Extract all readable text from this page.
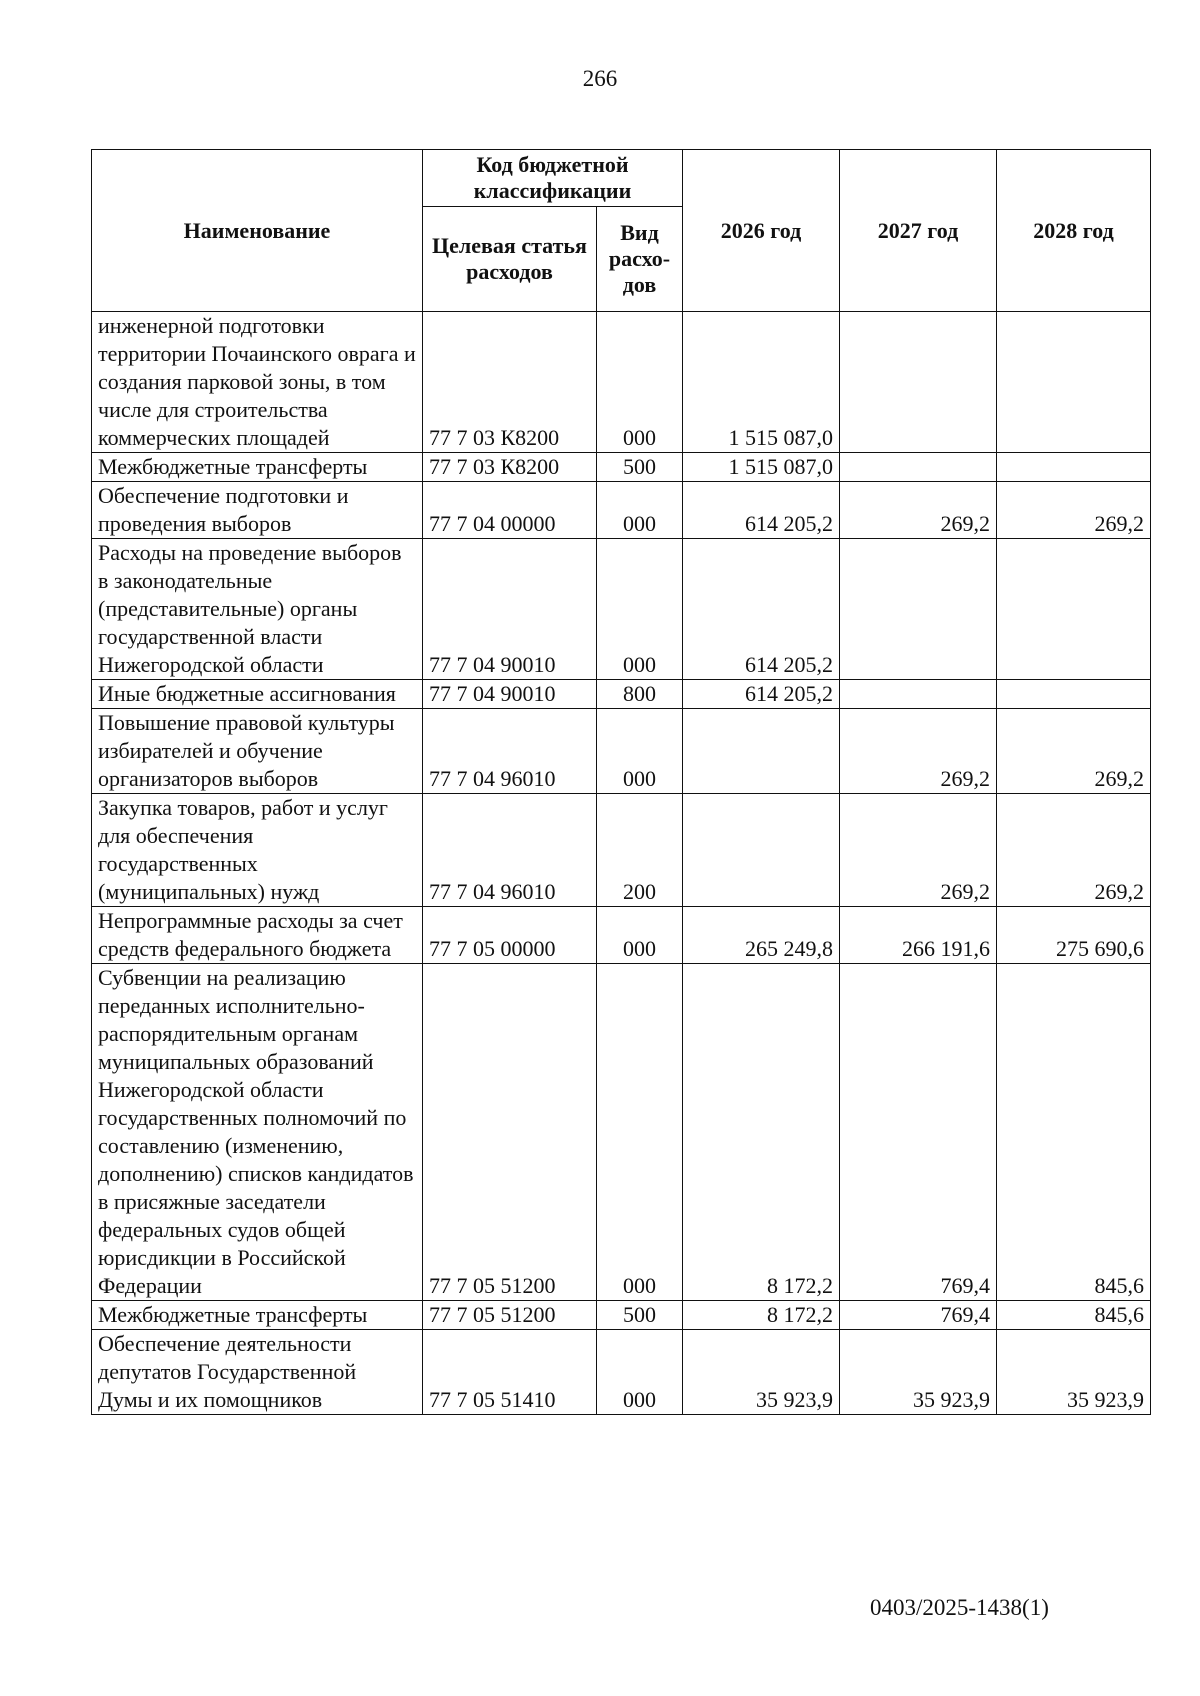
266
Наименование	Код бюджетной классификации		2026 год	2027 год	2028 год
	Целевая статья расходов	Вид расхо-дов			
инженерной подготовки территории Почаинского оврага и создания парковой зоны, в том числе для строительства коммерческих площадей	77 7 03 К8200	000	1 515 087,0		
Межбюджетные трансферты	77 7 03 К8200	500	1 515 087,0		
Обеспечение подготовки и проведения выборов	77 7 04 00000	000	614 205,2	269,2	269,2
Расходы на проведение выборов в законодательные (представительные) органы государственной власти Нижегородской области	77 7 04 90010	000	614 205,2		
Иные бюджетные ассигнования	77 7 04 90010	800	614 205,2		
Повышение правовой культуры избирателей и обучение организаторов выборов	77 7 04 96010	000		269,2	269,2
Закупка товаров, работ и услуг для обеспечения государственных (муниципальных) нужд	77 7 04 96010	200		269,2	269,2
Непрограммные расходы за счет средств федерального бюджета	77 7 05 00000	000	265 249,8	266 191,6	275 690,6
Субвенции на реализацию переданных исполнительно-распорядительным органам муниципальных образований Нижегородской области государственных полномочий по составлению (изменению, дополнению) списков кандидатов в присяжные заседатели федеральных судов общей юрисдикции в Российской Федерации	77 7 05 51200	000	8 172,2	769,4	845,6
Межбюджетные трансферты	77 7 05 51200	500	8 172,2	769,4	845,6
Обеспечение деятельности депутатов Государственной Думы и их помощников	77 7 05 51410	000	35 923,9	35 923,9	35 923,9
0403/2025-1438(1)
